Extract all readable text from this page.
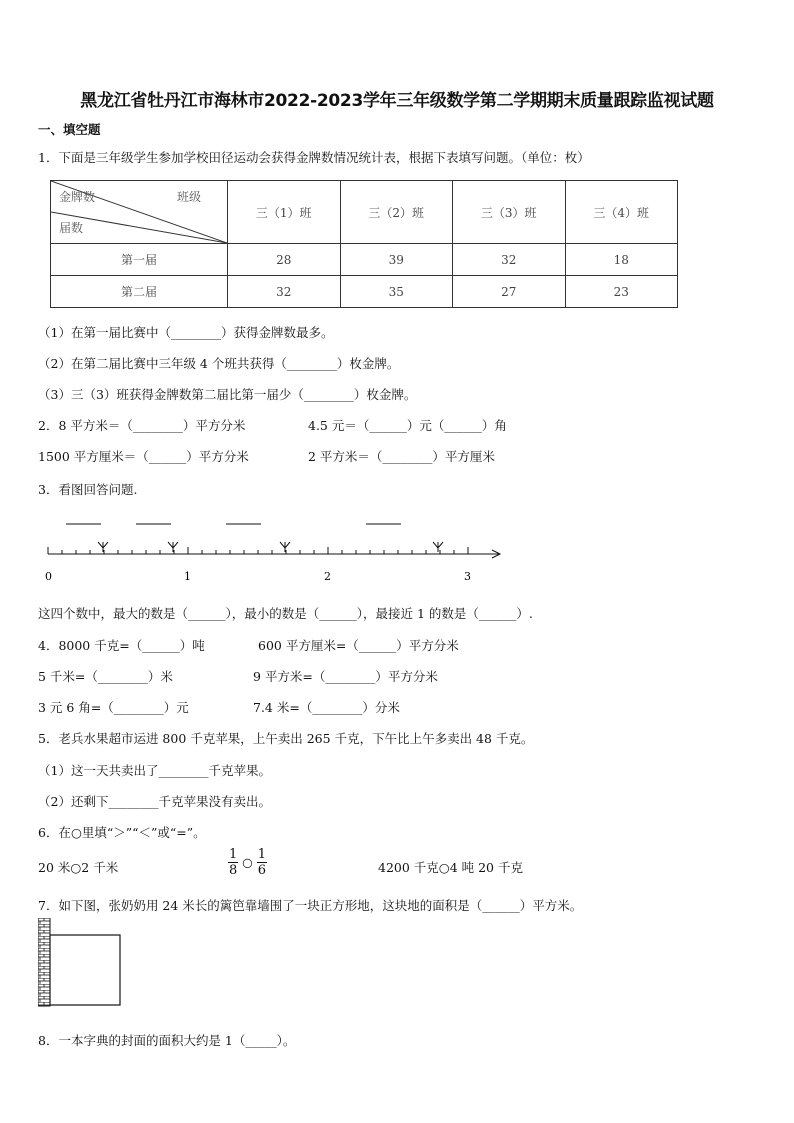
黑龙江省牡丹江市海林市2022-2023学年三年级数学第二学期期末质量跟踪监视试题
一、填空题
1．下面是三年级学生参加学校田径运动会获得金牌数情况统计表，根据下表填写问题。（单位：枚）
金牌数 班级
届数	三（1）班	三（2）班	三（3）班	三（4）班
第一届	28	39	32	18
第二届	32	35	27	23
（1）在第一届比赛中（________）获得金牌数最多。
（2）在第二届比赛中三年级 4 个班共获得（________）枚金牌。
（3）三（3）班获得金牌数第二届比第一届少（________）枚金牌。
2．8 平方米＝（________）平方分米	4.5 元＝（______）元（______）角
1500 平方厘米＝（______）平方分米	2 平方米＝（________）平方厘米
3．看图回答问题.
0	1	2	3
这四个数中，最大的数是（______），最小的数是（______），最接近 1 的数是（______）.
4．8000 千克=（______）吨	600 平方厘米=（______）平方分米
5 千米=（________）米	9 平方米=（________）平方分米
3 元 6 角=（________）元	7.4 米=（________）分米
5．老兵水果超市运进 800 千克苹果，上午卖出 265 千克，下午比上午多卖出 48 千克。
（1）这一天共卖出了________千克苹果。
（2）还剩下________千克苹果没有卖出。
6．在○里填“＞”“＜”或“=”。
20 米○2 千米	$\frac{1}{8}$ ○ $\frac{1}{6}$	4200 千克○4 吨 20 千克
7．如下图，张奶奶用 24 米长的篱笆靠墙围了一块正方形地，这块地的面积是（______）平方米。
8．一本字典的封面的面积大约是 1（_____）。
